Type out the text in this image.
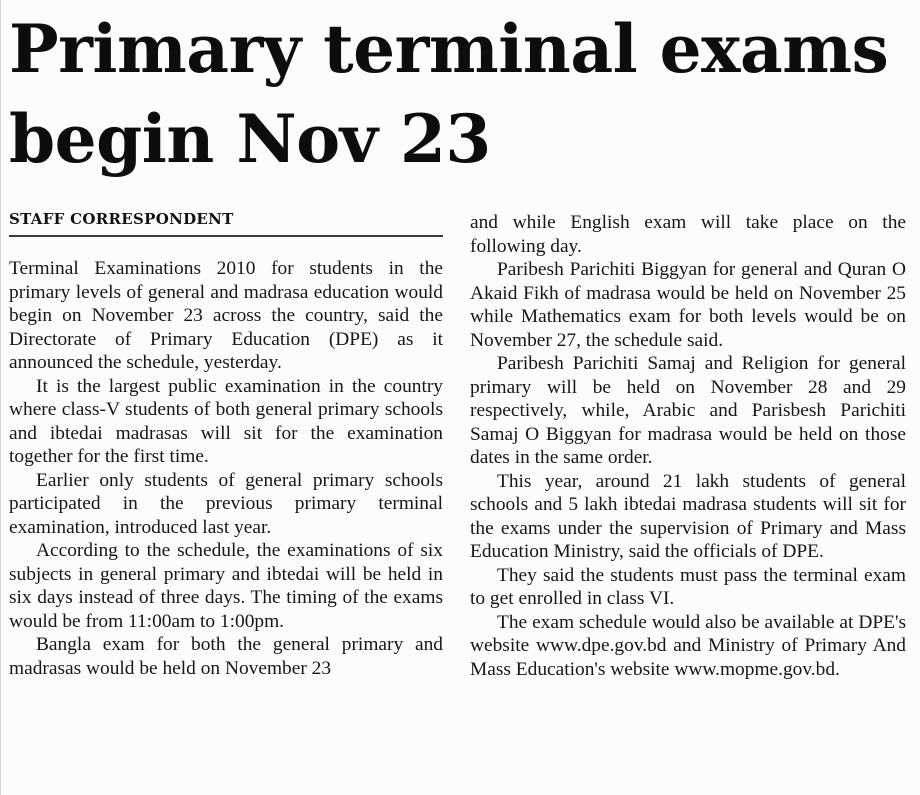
Primary terminal exams begin Nov 23
STAFF CORRESPONDENT

Terminal Examinations 2010 for students in the primary levels of general and madrasa education would begin on November 23 across the country, said the Directorate of Primary Education (DPE) as it announced the schedule, yesterday.

It is the largest public examination in the country where class-V students of both general primary schools and ibtedai madrasas will sit for the examination together for the first time.

Earlier only students of general primary schools participated in the previous primary terminal examination, introduced last year.

According to the schedule, the examinations of six subjects in general primary and ibtedai will be held in six days instead of three days. The timing of the exams would be from 11:00am to 1:00pm.

Bangla exam for both the general primary and madrasas would be held on November 23

and while English exam will take place on the following day.

Paribesh Parichiti Biggyan for general and Quran O Akaid Fikh of madrasa would be held on November 25 while Mathematics exam for both levels would be on November 27, the schedule said.

Paribesh Parichiti Samaj and Religion for general primary will be held on November 28 and 29 respectively, while, Arabic and Parisbesh Parichiti Samaj O Biggyan for madrasa would be held on those dates in the same order.

This year, around 21 lakh students of general schools and 5 lakh ibtedai madrasa students will sit for the exams under the supervision of Primary and Mass Education Ministry, said the officials of DPE.

They said the students must pass the terminal exam to get enrolled in class VI.

The exam schedule would also be available at DPE's website www.dpe.gov.bd and Ministry of Primary And Mass Education's website www.mopme.gov.bd.
